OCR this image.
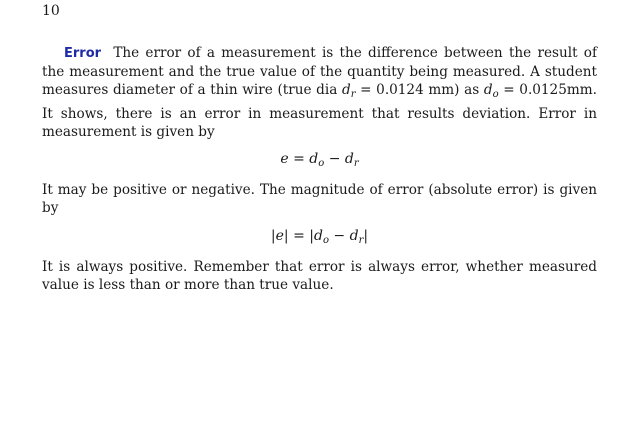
10

Error The error of a measurement is the difference between the result of the measurement and the true value of the quantity being measured. A student measures diameter of a thin wire (true dia $d_r = 0.0124$ mm) as $d_o = 0.0125mm$. It shows, there is an error in measurement that results deviation. Error in measurement is given by

$e = d_o - d_r$

It may be positive or negative. The magnitude of error (absolute error) is given by

$|e| = |d_o - d_r|$

It is always positive. Remember that error is always error, whether measured value is less than or more than true value.
